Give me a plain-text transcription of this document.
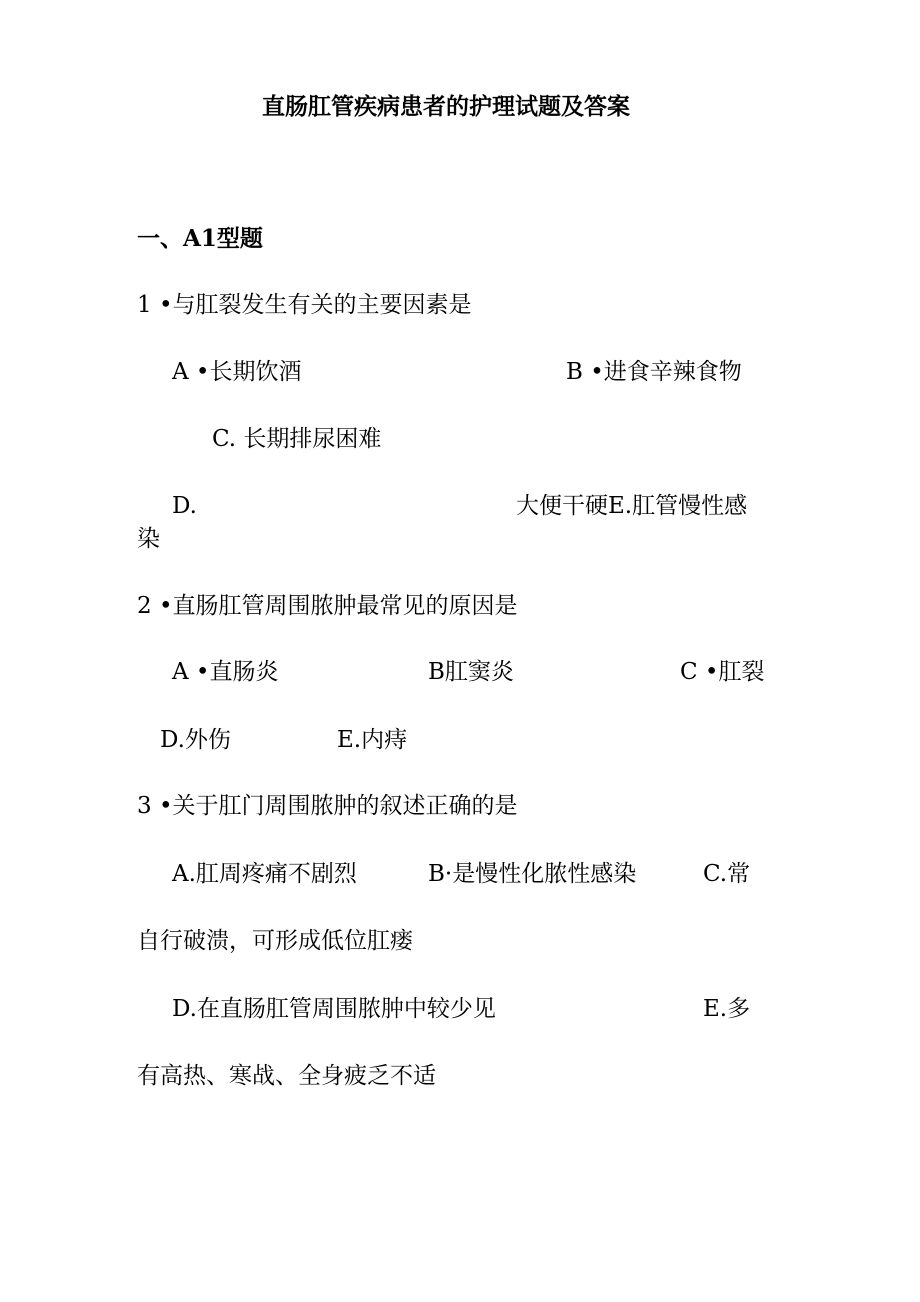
直肠肛管疾病患者的护理试题及答案
一、A1型题
1 •与肛裂发生有关的主要因素是
A •长期饮酒	B •进食辛辣食物
C. 长期排尿困难
D.	大便干硬E.肛管慢性感
染
2 •直肠肛管周围脓肿最常见的原因是
A •直肠炎	B肛窦炎	C •肛裂
D.外伤	E.内痔
3 •关于肛门周围脓肿的叙述正确的是
A.肛周疼痛不剧烈	B·是慢性化脓性感染	C.常
自行破溃，可形成低位肛瘘
D.在直肠肛管周围脓肿中较少见	E.多
有高热、寒战、全身疲乏不适
